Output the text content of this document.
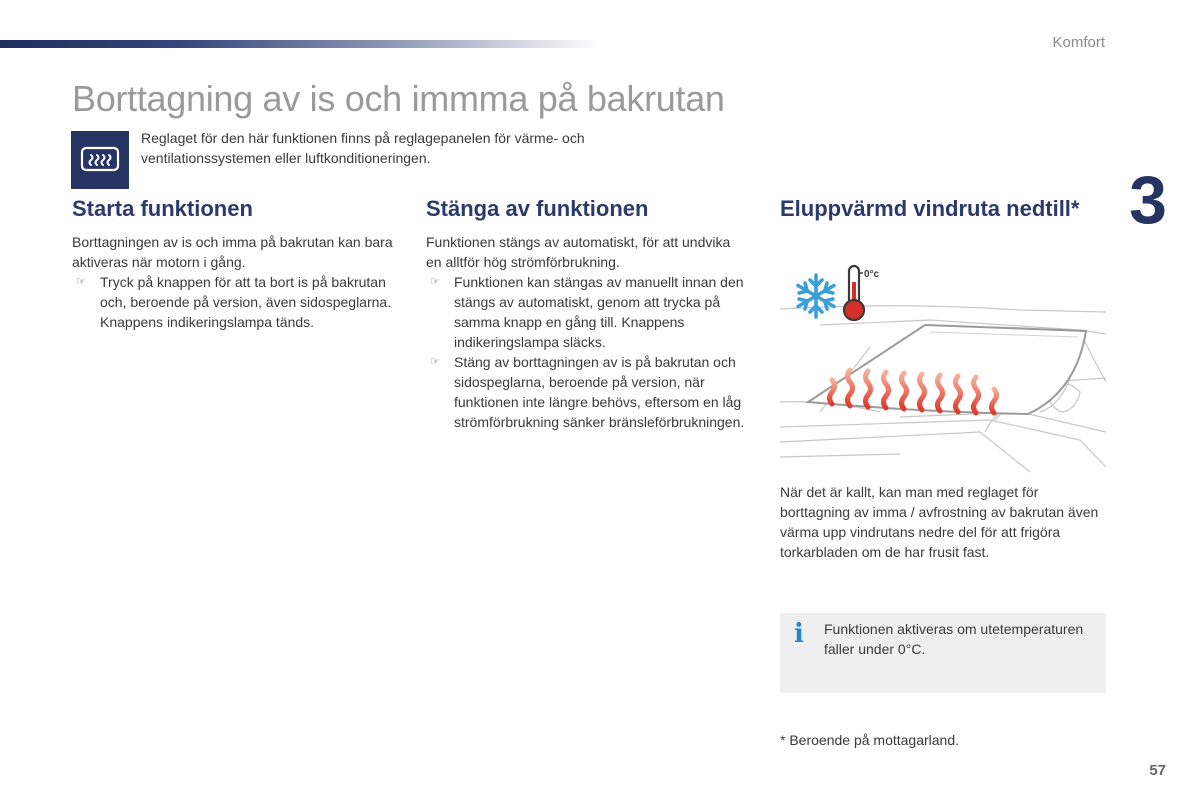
Komfort
Borttagning av is och immma på bakrutan

Reglaget för den här funktionen finns på reglagepanelen för värme- och ventilationssystemen eller luftkonditioneringen.

3
Starta funktionen

Borttagningen av is och imma på bakrutan kan bara aktiveras när motorn i gång.

☞ Tryck på knappen för att ta bort is på bakrutan och, beroende på version, även sidospeglarna. Knappens indikeringslampa tänds.

Stänga av funktionen

Funktionen stängs av automatiskt, för att undvika en alltför hög strömförbrukning.

☞ Funktionen kan stängas av manuellt innan den stängs av automatiskt, genom att trycka på samma knapp en gång till. Knappens indikeringslampa släcks.

☞ Stäng av borttagningen av is på bakrutan och sidospeglarna, beroende på version, när funktionen inte längre behövs, eftersom en låg strömförbrukning sänker bränsleförbrukningen.

Eluppvärmd vindruta nedtill*
0°c

När det är kallt, kan man med reglaget för borttagning av imma / avfrostning av bakrutan även värma upp vindrutans nedre del för att frigöra torkarbladen om de har frusit fast.

i Funktionen aktiveras om utetemperaturen faller under 0°C.

* Beroende på mottagarland.

57
